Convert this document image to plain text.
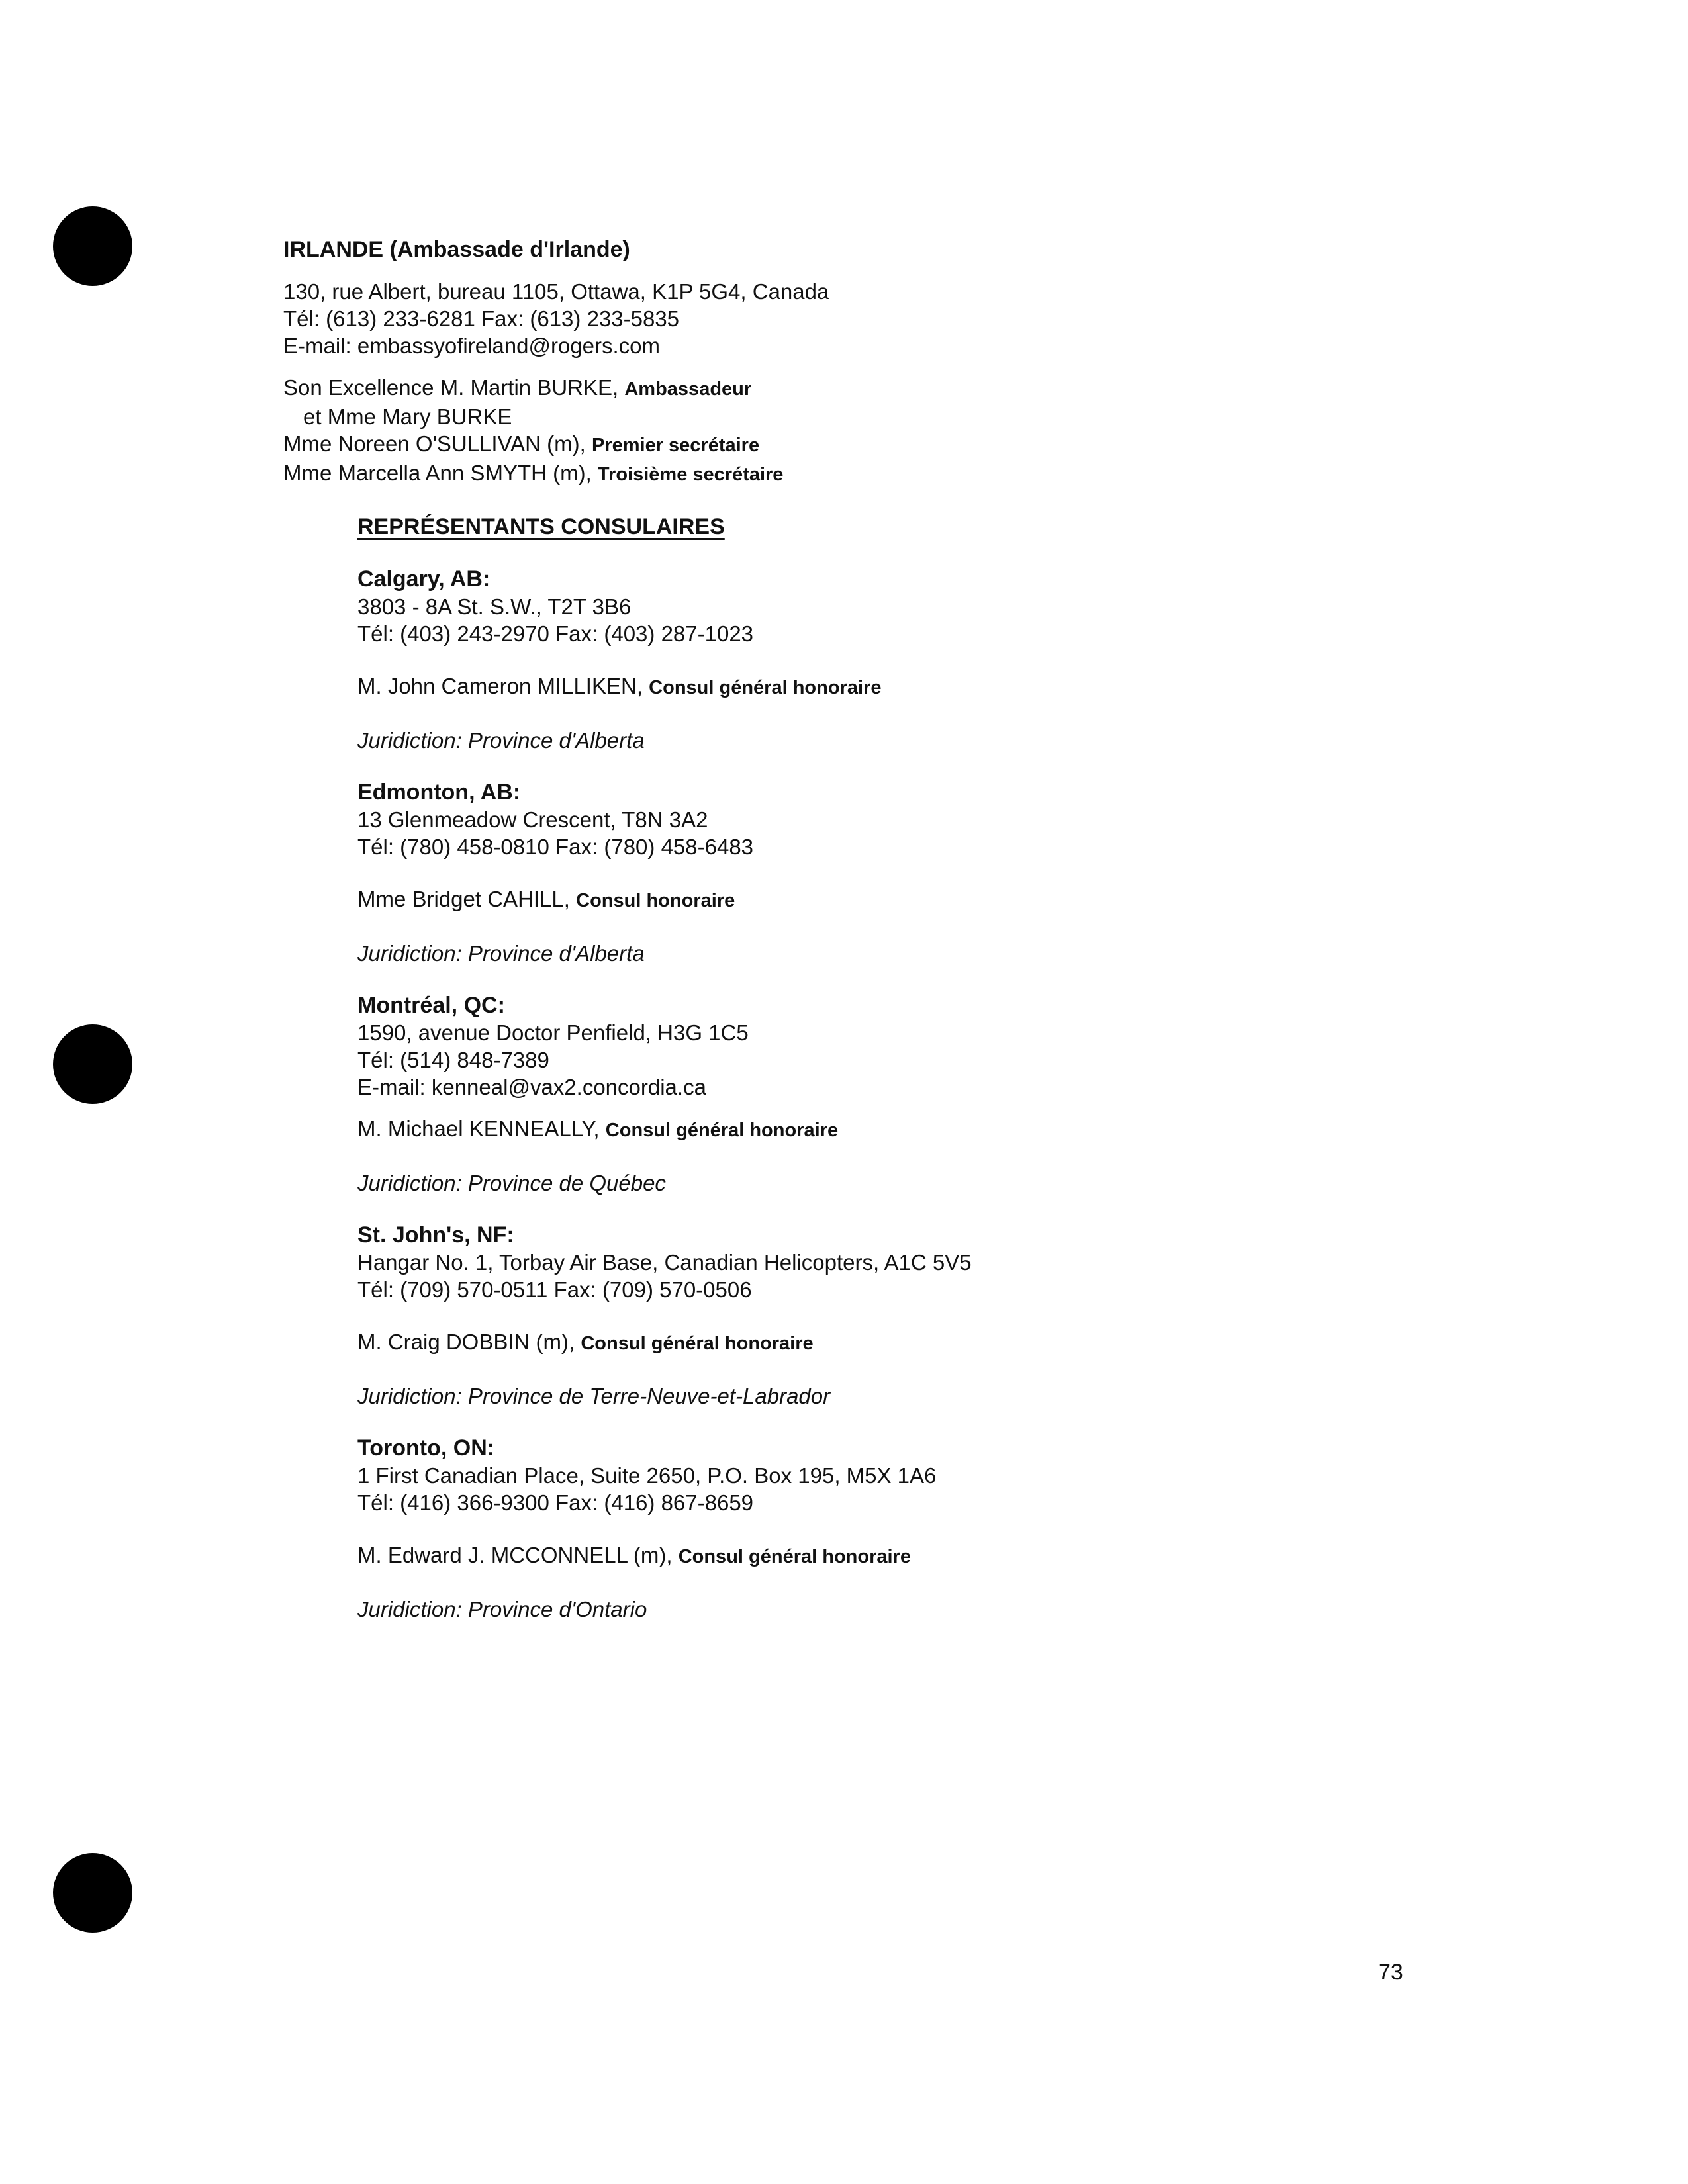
IRLANDE (Ambassade d'Irlande)
130, rue Albert, bureau 1105, Ottawa, K1P 5G4, Canada
Tél: (613) 233-6281 Fax: (613) 233-5835
E-mail: embassyofireland@rogers.com
Son Excellence M. Martin BURKE, Ambassadeur
et Mme Mary BURKE
Mme Noreen O'SULLIVAN (m), Premier secrétaire
Mme Marcella Ann SMYTH (m), Troisième secrétaire
REPRÉSENTANTS CONSULAIRES
Calgary, AB:
3803 - 8A St. S.W., T2T 3B6
Tél: (403) 243-2970 Fax: (403) 287-1023
M. John Cameron MILLIKEN, Consul général honoraire
Juridiction: Province d'Alberta
Edmonton, AB:
13 Glenmeadow Crescent, T8N 3A2
Tél: (780) 458-0810 Fax: (780) 458-6483
Mme Bridget CAHILL, Consul honoraire
Juridiction: Province d'Alberta
Montréal, QC:
1590, avenue Doctor Penfield, H3G 1C5
Tél: (514) 848-7389
E-mail: kenneal@vax2.concordia.ca
M. Michael KENNEALLY, Consul général honoraire
Juridiction: Province de Québec
St. John's, NF:
Hangar No. 1, Torbay Air Base, Canadian Helicopters, A1C 5V5
Tél: (709) 570-0511 Fax: (709) 570-0506
M. Craig DOBBIN (m), Consul général honoraire
Juridiction: Province de Terre-Neuve-et-Labrador
Toronto, ON:
1 First Canadian Place, Suite 2650, P.O. Box 195, M5X 1A6
Tél: (416) 366-9300 Fax: (416) 867-8659
M. Edward J. MCCONNELL (m), Consul général honoraire
Juridiction: Province d'Ontario
73
